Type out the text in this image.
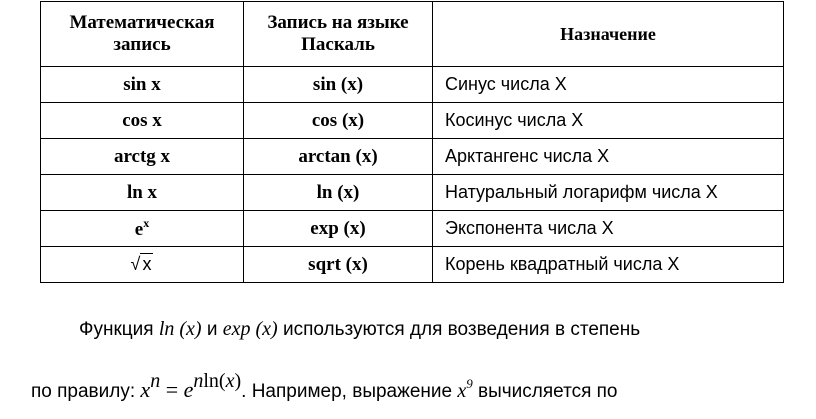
Математическая запись	Запись на языке Паскаль	Назначение
sin x	sin (x)	Синус числа Х
cos x	cos (x)	Косинус числа Х
arctg x	arctan (x)	Арктангенс числа Х
ln x	ln (x)	Натуральный логарифм числа Х
$e^x$	exp (x)	Экспонента числа Х
√ x	sqrt (x)	Корень квадратный числа Х
Функция ln (x) и exp (x) используются для возведения в степень
по правилу: xn = enln(x). Например, выражение $x^9$ вычисляется по
